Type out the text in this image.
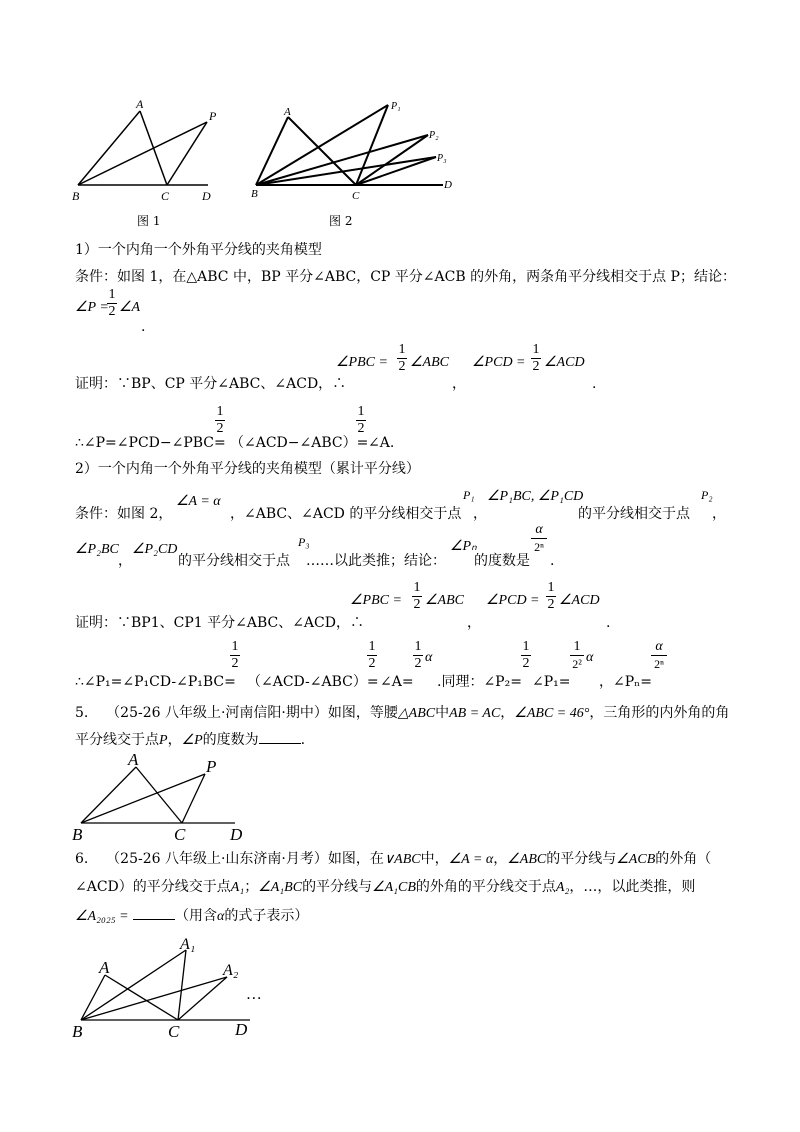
A
P
B	C	D
图 1
A	P₁
P₂
P₃
B	C
D
图 2
1）一个内角一个外角平分线的夹角模型
条件：如图 1，在△ABC 中，BP 平分∠ABC，CP 平分∠ACB 的外角，两条角平分线相交于点 P；结论：
∠P =
1
2 ∠A
.
∠PBC =
1
2 ∠ABC ∠PCD =
1
2 ∠ACD
证明：∵BP、CP 平分∠ABC、∠ACD，∴	，	.
1
2
1
2
∴∠P=∠PCD−∠PBC= （∠ACD−∠ABC）= ∠A.
2）一个内角一个外角平分线的夹角模型（累计平分线）
条件：如图 2，
∠A = α
，∠ABC、∠ACD 的平分线相交于点
P₁
，
∠P₁BC, ∠P₁CD
的平分线相交于点
P₂
，
∠P₂BC
，
∠P₂CD
的平分线相交于点
P₃
……以此类推；结论：
∠Pₙ
的度数是
α
2ⁿ
.
∠PBC =
1
2 ∠ABC ∠PCD =
1
2 ∠ACD
证明：∵BP1、CP1 平分∠ABC、∠ACD，∴	，	.
1
2
1
2
1
2 α
1
2
1
2² α
α
2ⁿ
∴∠P₁=∠P₁CD-∠P₁BC= （∠ACD-∠ABC）= ∠A= .同理：∠P₂= ∠P₁= ，∠Pₙ=
5. （25-26 八年级上·河南信阳·期中）如图，等腰△ABC中AB = AC，∠ABC = 46°，三角形的内外角的角
平分线交于点P，∠P的度数为	.
A	P
B	C	D
6. （25-26 八年级上·山东济南·月考）如图，在∨ABC中，∠A = α，∠ABC的平分线与∠ACB的外角（
∠ACD）的平分线交于点A₁；∠A₁BC的平分线与∠A₁CB的外角的平分线交于点A₂，…，以此类推，则
∠A₂₀₂₅ =	（用含α的式子表示）
A
A₁
A₂
…
B	C	D
